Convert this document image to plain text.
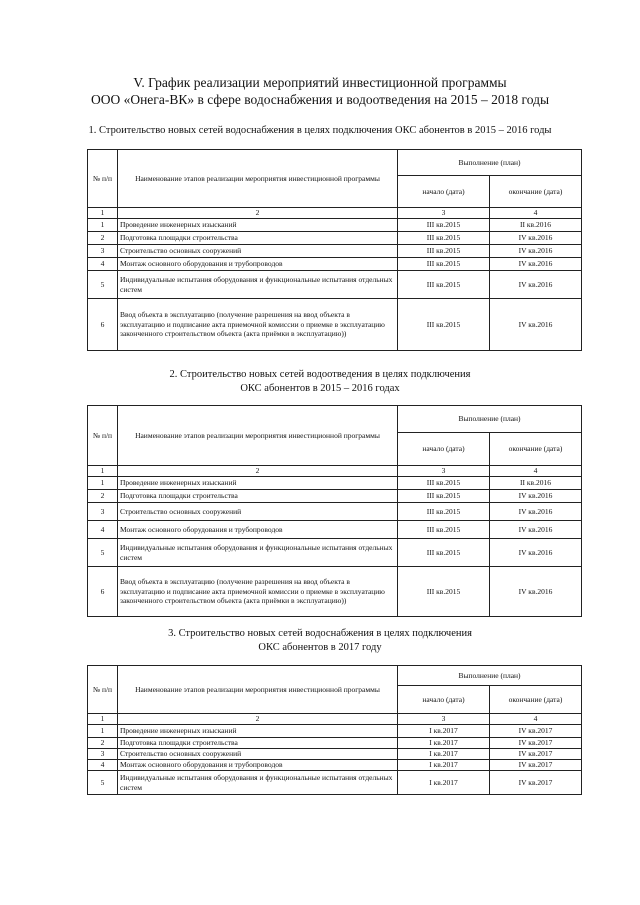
V. График реализации мероприятий инвестиционной программы
ООО «Онега-ВК» в сфере водоснабжения и водоотведения на 2015 – 2018 годы
1. Строительство новых сетей водоснабжения в целях подключения ОКС абонентов в 2015 – 2016 годы
№ п/п	Наименование этапов реализации мероприятия инвестиционной программы	Выполнение (план)	
		начало (дата)	окончание (дата)
1	2	3	4
1	Проведение инженерных изысканий	III кв.2015	II кв.2016
2	Подготовка площадки строительства	III кв.2015	IV кв.2016
3	Строительство основных сооружений	III кв.2015	IV кв.2016
4	Монтаж основного оборудования и трубопроводов	III кв.2015	IV кв.2016
5	Индивидуальные испытания оборудования и функциональные испытания отдельных систем	III кв.2015	IV кв.2016
6	Ввод объекта в эксплуатацию (получение разрешения на ввод объекта в эксплуатацию и подписание акта приемочной комиссии о приемке в эксплуатацию законченного строительством объекта (акта приёмки в эксплуатацию))	III кв.2015	IV кв.2016
2. Строительство новых сетей водоотведения в целях подключения
ОКС абонентов в 2015 – 2016 годах
№ п/п	Наименование этапов реализации мероприятия инвестиционной программы	Выполнение (план)	
		начало (дата)	окончание (дата)
1	2	3	4
1	Проведение инженерных изысканий	III кв.2015	II кв.2016
2	Подготовка площадки строительства	III кв.2015	IV кв.2016
3	Строительство основных сооружений	III кв.2015	IV кв.2016
4	Монтаж основного оборудования и трубопроводов	III кв.2015	IV кв.2016
5	Индивидуальные испытания оборудования и функциональные испытания отдельных систем	III кв.2015	IV кв.2016
6	Ввод объекта в эксплуатацию (получение разрешения на ввод объекта в эксплуатацию и подписание акта приемочной комиссии о приемке в эксплуатацию законченного строительством объекта (акта приёмки в эксплуатацию))	III кв.2015	IV кв.2016
3. Строительство новых сетей водоснабжения в целях подключения
ОКС абонентов в 2017 году
№ п/п	Наименование этапов реализации мероприятия инвестиционной программы	Выполнение (план)	
		начало (дата)	окончание (дата)
1	2	3	4
1	Проведение инженерных изысканий	I кв.2017	IV кв.2017
2	Подготовка площадки строительства	I кв.2017	IV кв.2017
3	Строительство основных сооружений	I кв.2017	IV кв.2017
4	Монтаж основного оборудования и трубопроводов	I кв.2017	IV кв.2017
5	Индивидуальные испытания оборудования и функциональные испытания отдельных систем	I кв.2017	IV кв.2017
